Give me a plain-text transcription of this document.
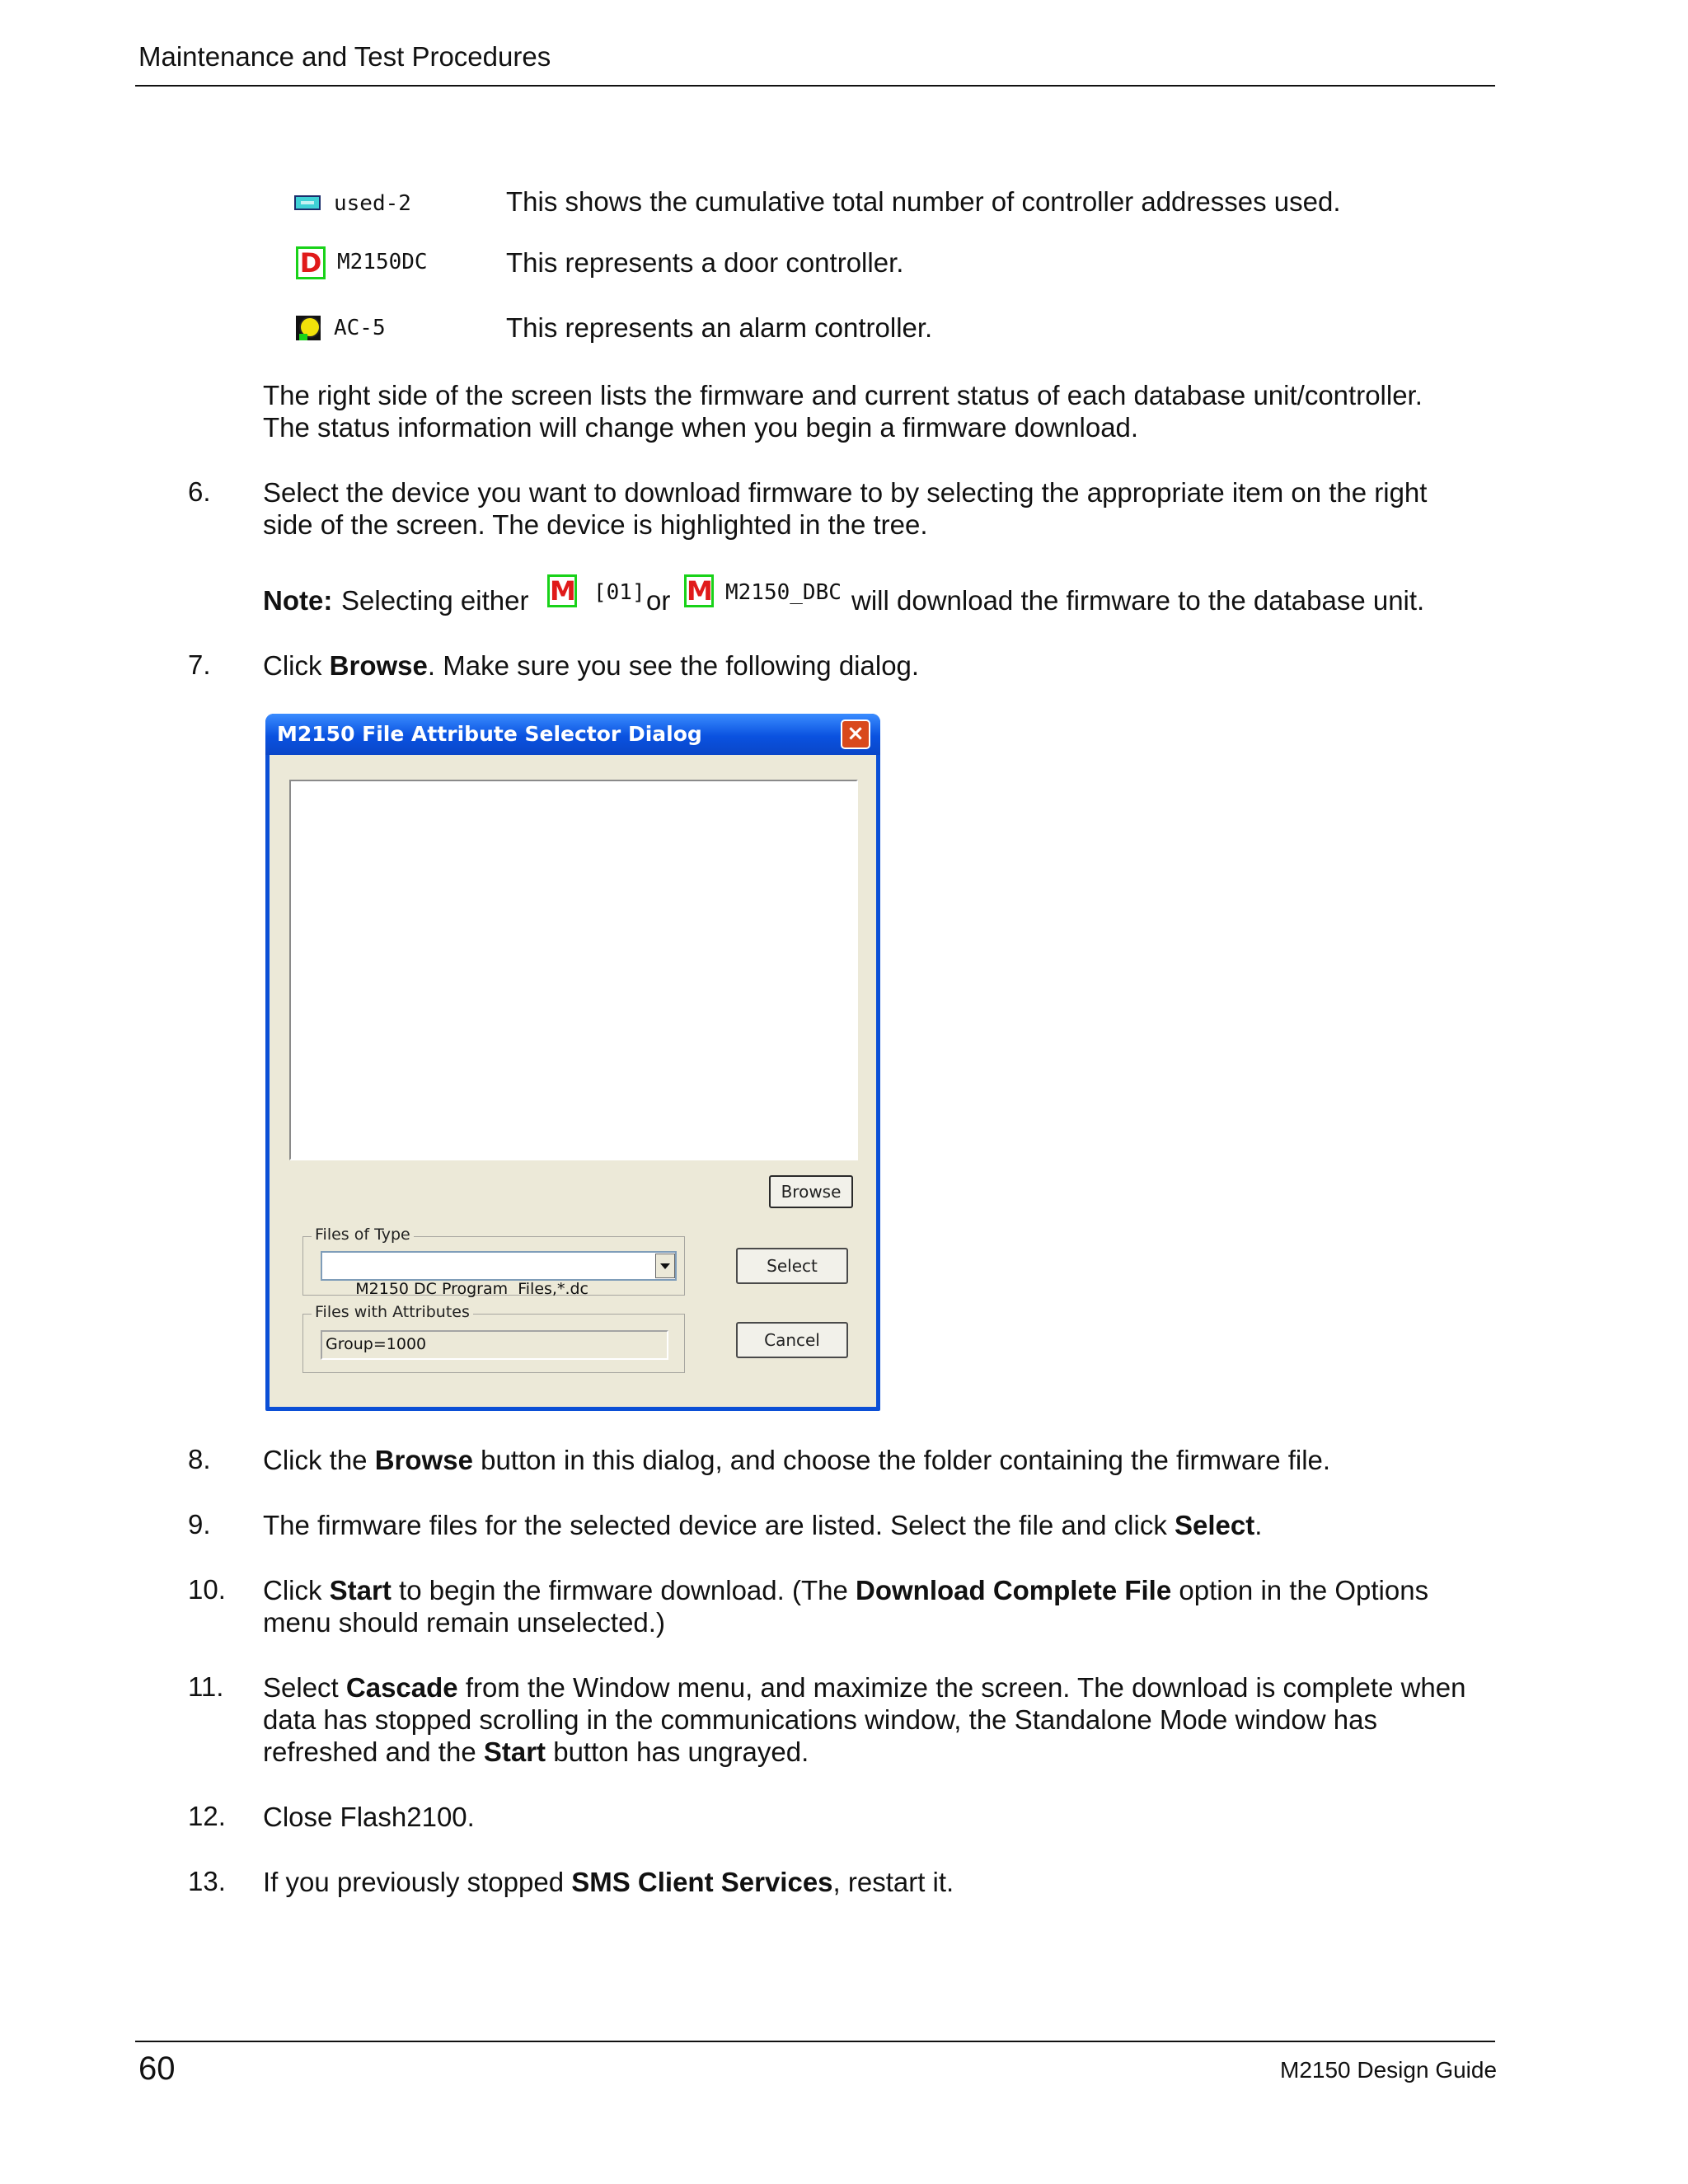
Maintenance and Test Procedures
used-2	This shows the cumulative total number of controller addresses used.
D M2150DC	This represents a door controller.
AC-5	This represents an alarm controller.
The right side of the screen lists the firmware and current status of each database unit/controller.
The status information will change when you begin a firmware download.
6. Select the device you want to download firmware to by selecting the appropriate item on the right
side of the screen. The device is highlighted in the tree.
Note: Selecting either M [01] or M M2150_DBC will download the firmware to the database unit.
7. Click Browse. Make sure you see the following dialog.
M2150 File Attribute Selector Dialog	×
Browse
Files of Type

M2150 DC Program  Files,*.dc

Select
Files with Attributes
Group=1000	Cancel
8. Click the Browse button in this dialog, and choose the folder containing the firmware file.
9. The firmware files for the selected device are listed. Select the file and click Select.
10. Click Start to begin the firmware download. (The Download Complete File option in the Options
menu should remain unselected.)
11. Select Cascade from the Window menu, and maximize the screen. The download is complete when
data has stopped scrolling in the communications window, the Standalone Mode window has
refreshed and the Start button has ungrayed.
12. Close Flash2100.
13. If you previously stopped SMS Client Services, restart it.
60	M2150 Design Guide
